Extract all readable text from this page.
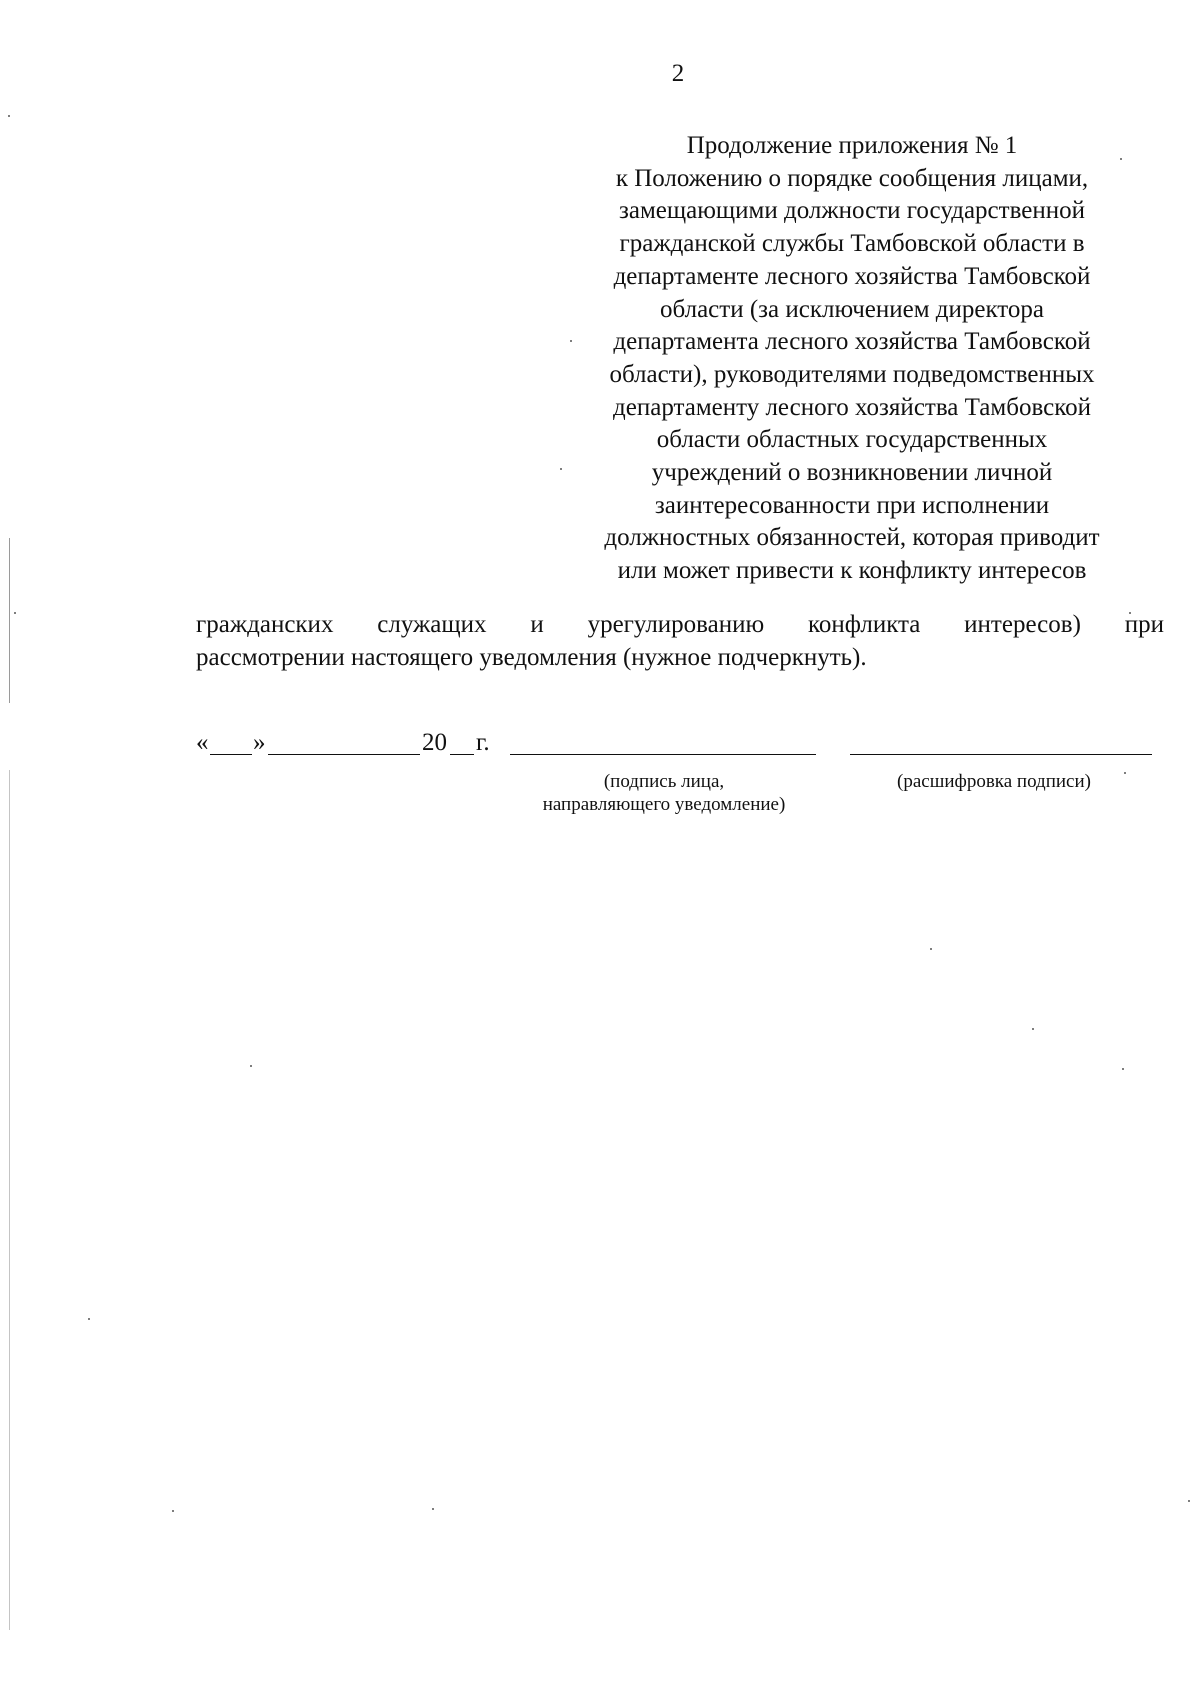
2
Продолжение приложения № 1
к Положению о порядке сообщения лицами,
замещающими должности государственной
гражданской службы Тамбовской области в
департаменте лесного хозяйства Тамбовской
области (за исключением директора
департамента лесного хозяйства Тамбовской
области), руководителями подведомственных
департаменту лесного хозяйства Тамбовской
области областных государственных
учреждений о возникновении личной
заинтересованности при исполнении
должностных обязанностей, которая приводит
или может привести к конфликту интересов
гражданских служащих и урегулированию конфликта интересов) при
рассмотрении настоящего уведомления (нужное подчеркнуть).
« »	20 г.
(подпись лица,
направляющего уведомление)
(расшифровка подписи)
